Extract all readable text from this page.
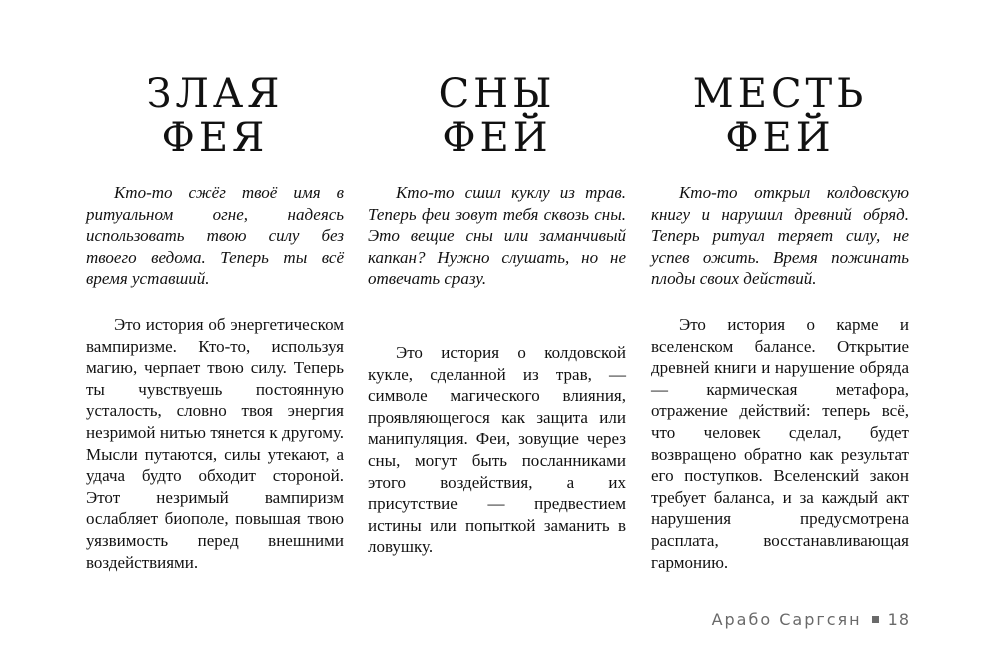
ЗЛАЯ
ФЕЯ

Кто-то сжёг твоё имя в ритуальном огне, надеясь использовать твою силу без твоего ведома. Теперь ты всё время уставший.

Это история об энергетическом вампиризме. Кто-то, используя магию, черпает твою силу. Теперь ты чувствуешь постоянную усталость, словно твоя энергия незримой нитью тянется к другому. Мысли путаются, силы утекают, а удача будто обходит стороной. Этот незримый вампиризм ослабляет биополе, повышая твою уязвимость перед внешними воздействиями.

СНЫ
ФЕЙ

Кто-то сшил куклу из трав. Теперь феи зовут тебя сквозь сны. Это вещие сны или заманчивый капкан? Нужно слушать, но не отвечать сразу.

Это история о колдовской кукле, сделанной из трав, — символе магического влияния, проявляющегося как защита или манипуляция. Феи, зовущие через сны, могут быть посланниками этого воздействия, а их присутствие — предвестием истины или попыткой заманить в ловушку.

МЕСТЬ
ФЕЙ

Кто-то открыл колдовскую книгу и нарушил древний обряд. Теперь ритуал теряет силу, не успев ожить. Время пожинать плоды своих действий.

Это история о карме и вселенском балансе. Открытие древней книги и нарушение обряда — кармическая метафора, отражение действий: теперь всё, что человек сделал, будет возвращено обратно как результат его поступков. Вселенский закон требует баланса, и за каждый акт нарушения предусмотрена расплата, восстанавливающая гармонию.

Арабо Саргсян 18
